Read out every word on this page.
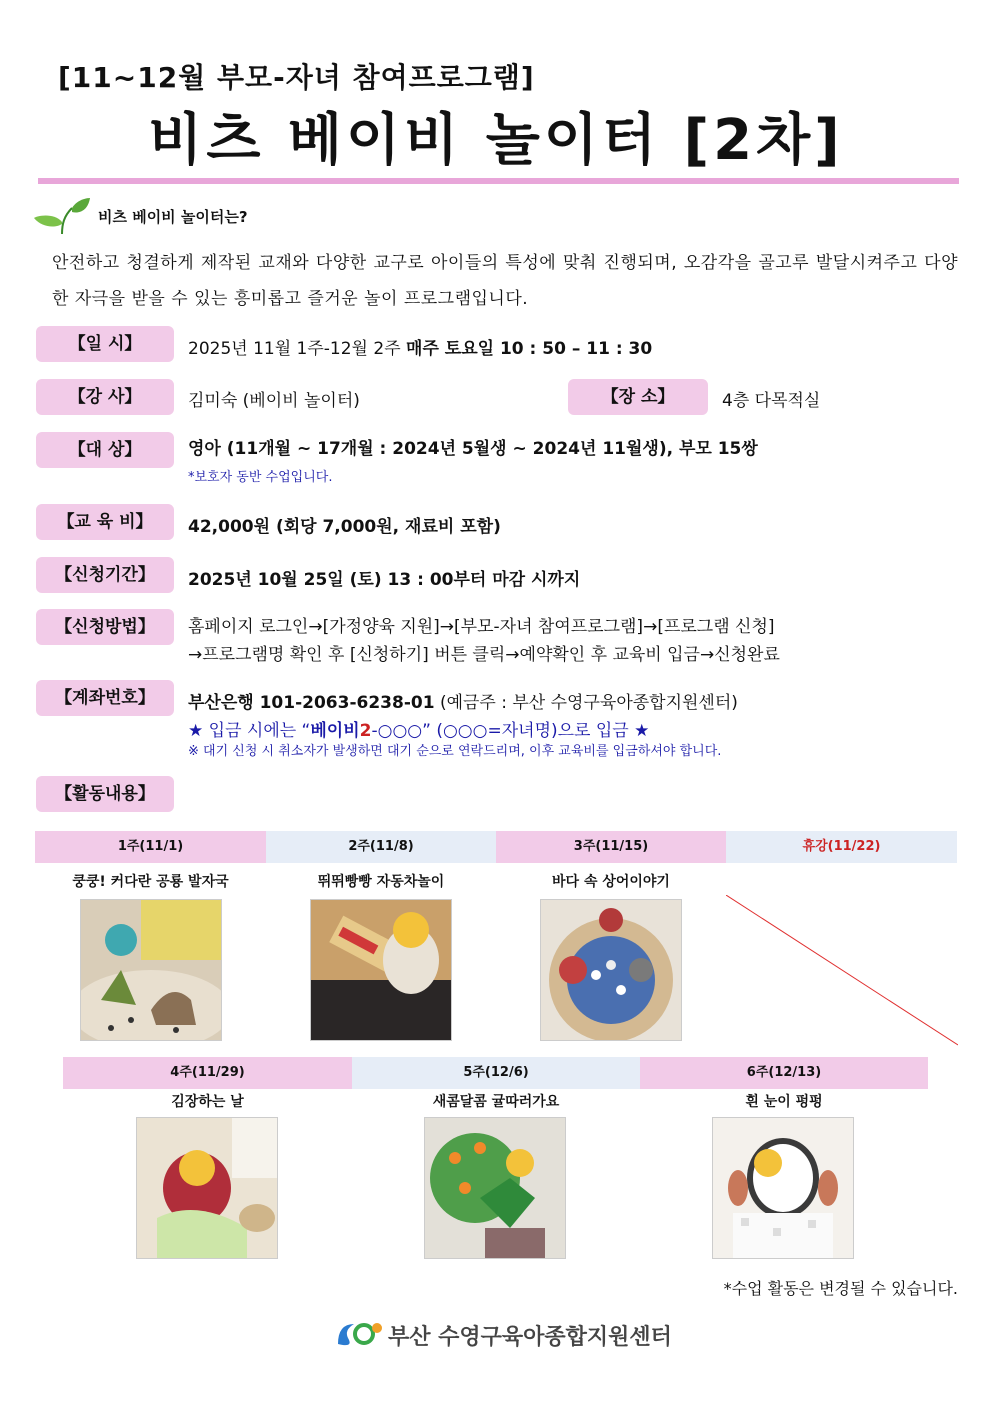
[11~12월 부모-자녀 참여프로그램]
비츠 베이비 놀이터 [2차]
비츠 베이비 놀이터는?
안전하고 청결하게 제작된 교재와 다양한 교구로 아이들의 특성에 맞춰 진행되며, 오감각을 골고루 발달시켜주고 다양한 자극을 받을 수 있는 흥미롭고 즐거운 놀이 프로그램입니다.
【일 시】	2025년 11월 1주-12월 2주 매주 토요일 10 : 50 – 11 : 30
【강 사】	김미숙 (베이비 놀이터)	【장 소】	4층 다목적실
【대 상】	영아 (11개월 ~ 17개월 : 2024년 5월생 ~ 2024년 11월생), 부모 15쌍
*보호자 동반 수업입니다.
【교 육 비】	42,000원 (회당 7,000원, 재료비 포함)
【신청기간】	2025년 10월 25일 (토) 13 : 00부터 마감 시까지
【신청방법】	홈페이지 로그인→[가정양육 지원]→[부모-자녀 참여프로그램]→[프로그램 신청]
→프로그램명 확인 후 [신청하기] 버튼 클릭→예약확인 후 교육비 입금→신청완료
【계좌번호】	부산은행 101-2063-6238-01 (예금주 : 부산 수영구육아종합지원센터)
★ 입금 시에는 “베이비2-○○○” (○○○=자녀명)으로 입금 ★
※ 대기 신청 시 취소자가 발생하면 대기 순으로 연락드리며, 이후 교육비를 입금하셔야 합니다.
【활동내용】
1주(11/1)	2주(11/8)	3주(11/15)	휴강(11/22)
쿵쿵! 커다란 공룡 발자국	뛰뛰빵빵 자동차놀이	바다 속 상어이야기
4주(11/29)	5주(12/6)	6주(12/13)
김장하는 날	새콤달콤 귤따러가요	흰 눈이 펑펑
*수업 활동은 변경될 수 있습니다.
부산 수영구육아종합지원센터
